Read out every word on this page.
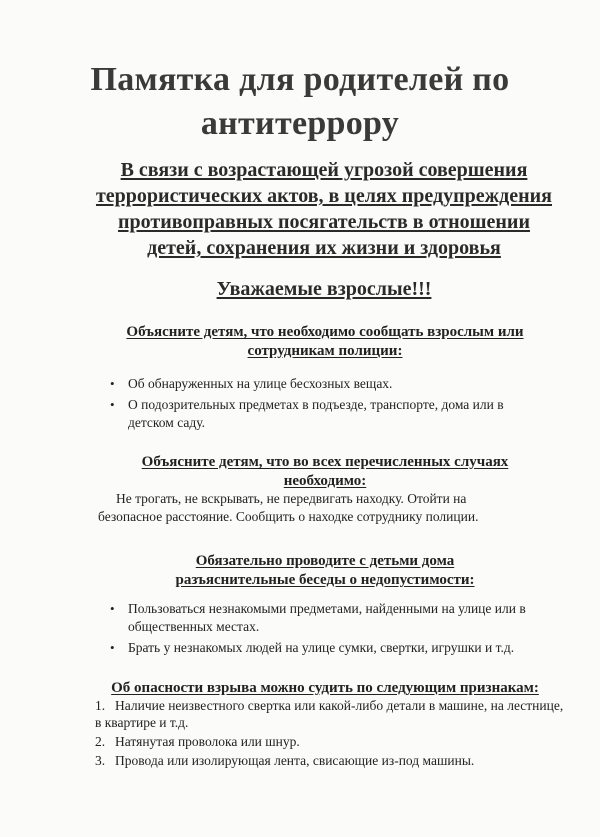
Памятка для родителей по
антитеррору
В связи с возрастающей угрозой совершения
террористических актов, в целях предупреждения
противоправных посягательств в отношении
детей, сохранения их жизни и здоровья
Уважаемые взрослые!!!
Объясните детям, что необходимо сообщать взрослым или
сотрудникам полиции:
• Об обнаруженных на улице бесхозных вещах.
• О подозрительных предметах в подъезде, транспорте, дома или в детском саду.
Объясните детям, что во всех перечисленных случаях
необходимо:
Не трогать, не вскрывать, не передвигать находку. Отойти на безопасное расстояние. Сообщить о находке сотруднику полиции.
Обязательно проводите с детьми дома
разъяснительные беседы о недопустимости:
• Пользоваться незнакомыми предметами, найденными на улице или в общественных местах.
• Брать у незнакомых людей на улице сумки, свертки, игрушки и т.д.
Об опасности взрыва можно судить по следующим признакам:
1. Наличие неизвестного свертка или какой-либо детали в машине, на лестнице, в квартире и т.д.
2. Натянутая проволока или шнур.
3. Провода или изолирующая лента, свисающие из-под машины.
